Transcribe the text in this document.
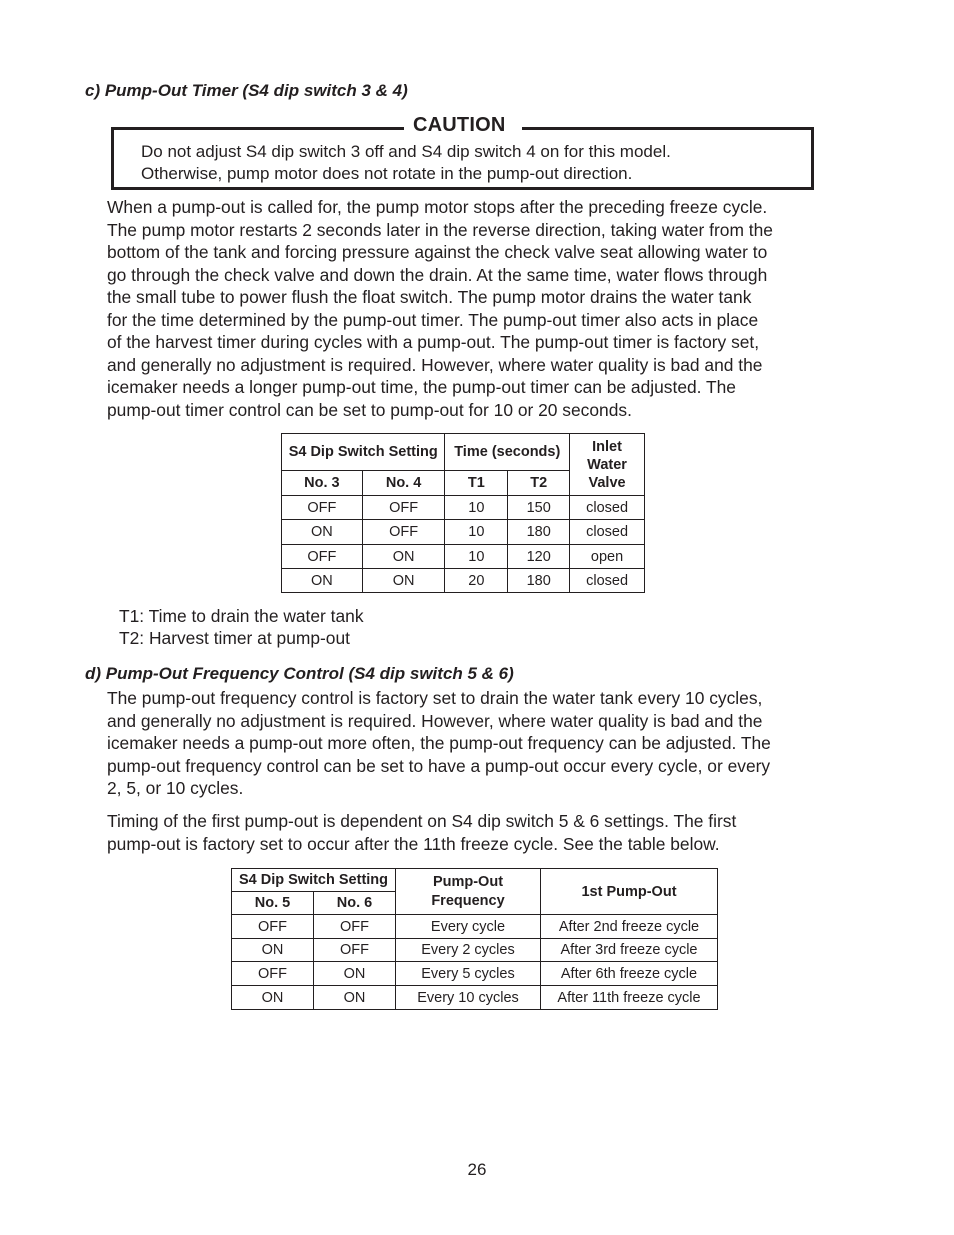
c) Pump-Out Timer (S4 dip switch 3 & 4)
CAUTION
Do not adjust S4 dip switch 3 off and S4 dip switch 4 on for this model.
Otherwise, pump motor does not rotate in the pump-out direction.

When a pump-out is called for, the pump motor stops after the preceding freeze cycle.

The pump motor restarts 2 seconds later in the reverse direction, taking water from the

bottom of the tank and forcing pressure against the check valve seat allowing water to

go through the check valve and down the drain. At the same time, water flows through

the small tube to power flush the float switch. The pump motor drains the water tank

for the time determined by the pump-out timer. The pump-out timer also acts in place

of the harvest timer during cycles with a pump-out. The pump-out timer is factory set,

and generally no adjustment is required. However, where water quality is bad and the

icemaker needs a longer pump-out time, the pump-out timer can be adjusted. The

pump-out timer control can be set to pump-out for 10 or 20 seconds.

S4 Dip Switch Setting		Time (seconds)		Inlet Water Valve
No. 3	No. 4	T1	T2	
OFF	OFF	10	150	closed
ON	OFF	10	180	closed
OFF	ON	10	120	open
ON	ON	20	180	closed
T1: Time to drain the water tank
T2: Harvest timer at pump-out
d) Pump-Out Frequency Control (S4 dip switch 5 & 6)

The pump-out frequency control is factory set to drain the water tank every 10 cycles,

and generally no adjustment is required. However, where water quality is bad and the

icemaker needs a pump-out more often, the pump-out frequency can be adjusted. The

pump-out frequency control can be set to have a pump-out occur every cycle, or every

2, 5, or 10 cycles.

Timing of the first pump-out is dependent on S4 dip switch 5 & 6 settings. The first

pump-out is factory set to occur after the 11th freeze cycle. See the table below.

S4 Dip Switch Setting		Pump-Out Frequency	1st Pump-Out
No. 5	No. 6		
OFF	OFF	Every cycle	After 2nd freeze cycle
ON	OFF	Every 2 cycles	After 3rd freeze cycle
OFF	ON	Every 5 cycles	After 6th freeze cycle
ON	ON	Every 10 cycles	After 11th freeze cycle
26
